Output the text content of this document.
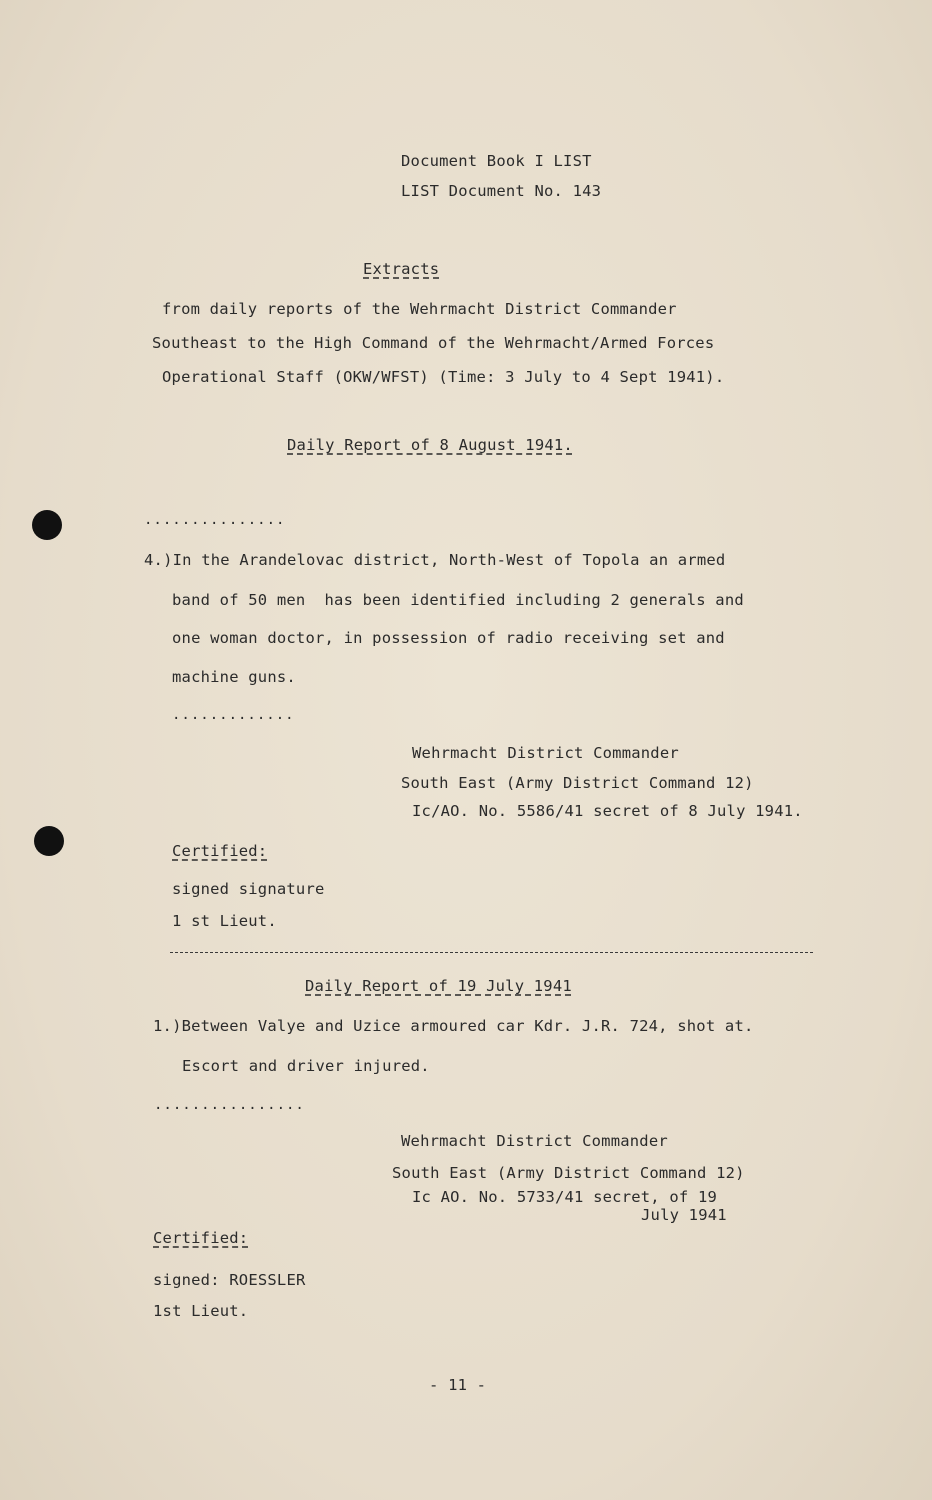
Document Book I LIST
LIST Document No. 143
Extracts
from daily reports of the Wehrmacht District Commander
Southeast to the High Command of the Wehrmacht/Armed Forces
Operational Staff (OKW/WFST) (Time: 3 July to 4 Sept 1941).
Daily Report of 8 August 1941.
...............
4.)In the Arandelovac district, North-West of Topola an armed
band of 50 men  has been identified including 2 generals and
one woman doctor, in possession of radio receiving set and
machine guns.
.............
Wehrmacht District Commander
South East (Army District Command 12)
Ic/AO. No. 5586/41 secret of 8 July 1941.
Certified:
signed signature
1 st Lieut.
Daily Report of 19 July 1941
1.)Between Valye and Uzice armoured car Kdr. J.R. 724, shot at.
Escort and driver injured.
................
Wehrmacht District Commander
South East (Army District Command 12)
Ic AO. No. 5733/41 secret, of 19
July 1941
Certified:
signed: ROESSLER
1st Lieut.
- 11 -
